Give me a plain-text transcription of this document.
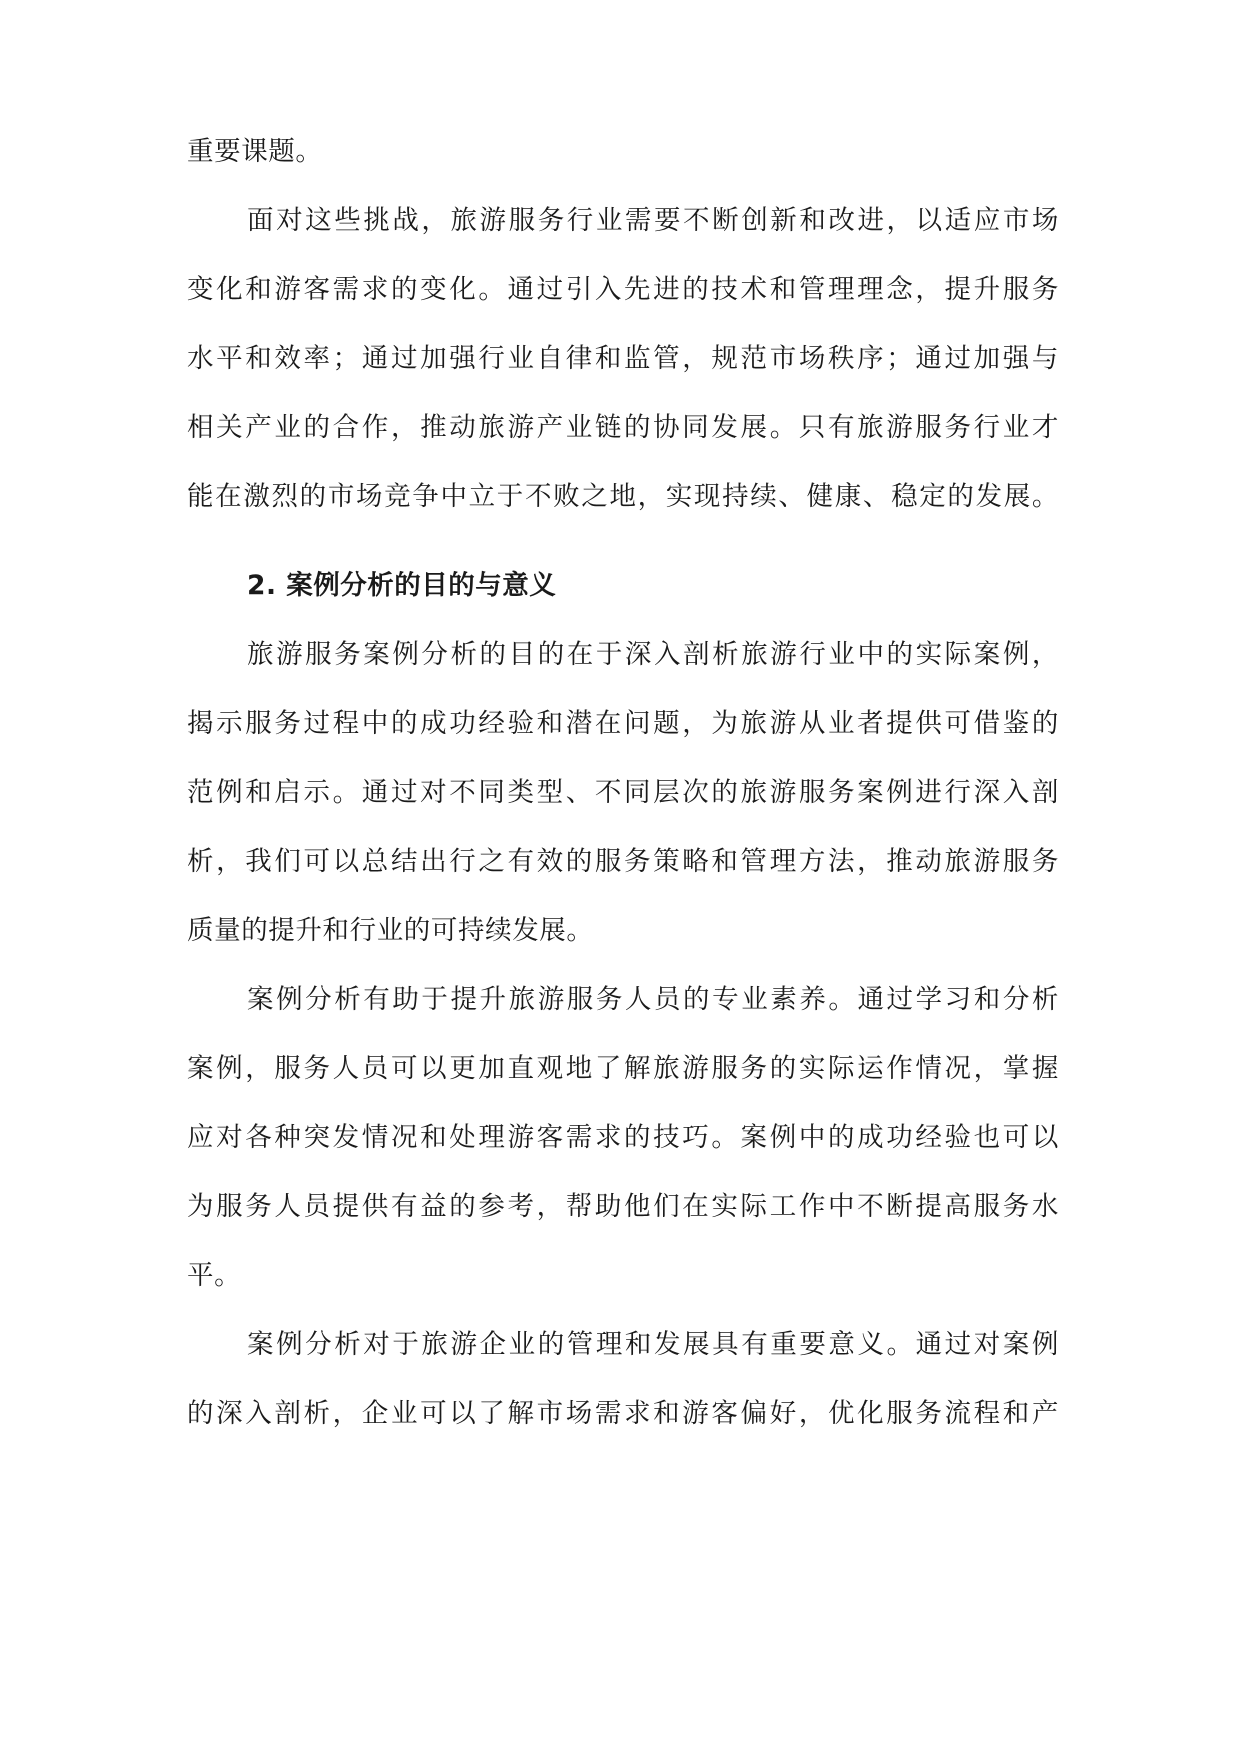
重要课题。
面对这些挑战，旅游服务行业需要不断创新和改进，以适应市场
变化和游客需求的变化。通过引入先进的技术和管理理念，提升服务
水平和效率；通过加强行业自律和监管，规范市场秩序；通过加强与
相关产业的合作，推动旅游产业链的协同发展。只有旅游服务行业才
能在激烈的市场竞争中立于不败之地，实现持续、健康、稳定的发展。
2. 案例分析的目的与意义
旅游服务案例分析的目的在于深入剖析旅游行业中的实际案例，
揭示服务过程中的成功经验和潜在问题，为旅游从业者提供可借鉴的
范例和启示。通过对不同类型、不同层次的旅游服务案例进行深入剖
析，我们可以总结出行之有效的服务策略和管理方法，推动旅游服务
质量的提升和行业的可持续发展。
案例分析有助于提升旅游服务人员的专业素养。通过学习和分析
案例，服务人员可以更加直观地了解旅游服务的实际运作情况，掌握
应对各种突发情况和处理游客需求的技巧。案例中的成功经验也可以
为服务人员提供有益的参考，帮助他们在实际工作中不断提高服务水
平。
案例分析对于旅游企业的管理和发展具有重要意义。通过对案例
的深入剖析，企业可以了解市场需求和游客偏好，优化服务流程和产
